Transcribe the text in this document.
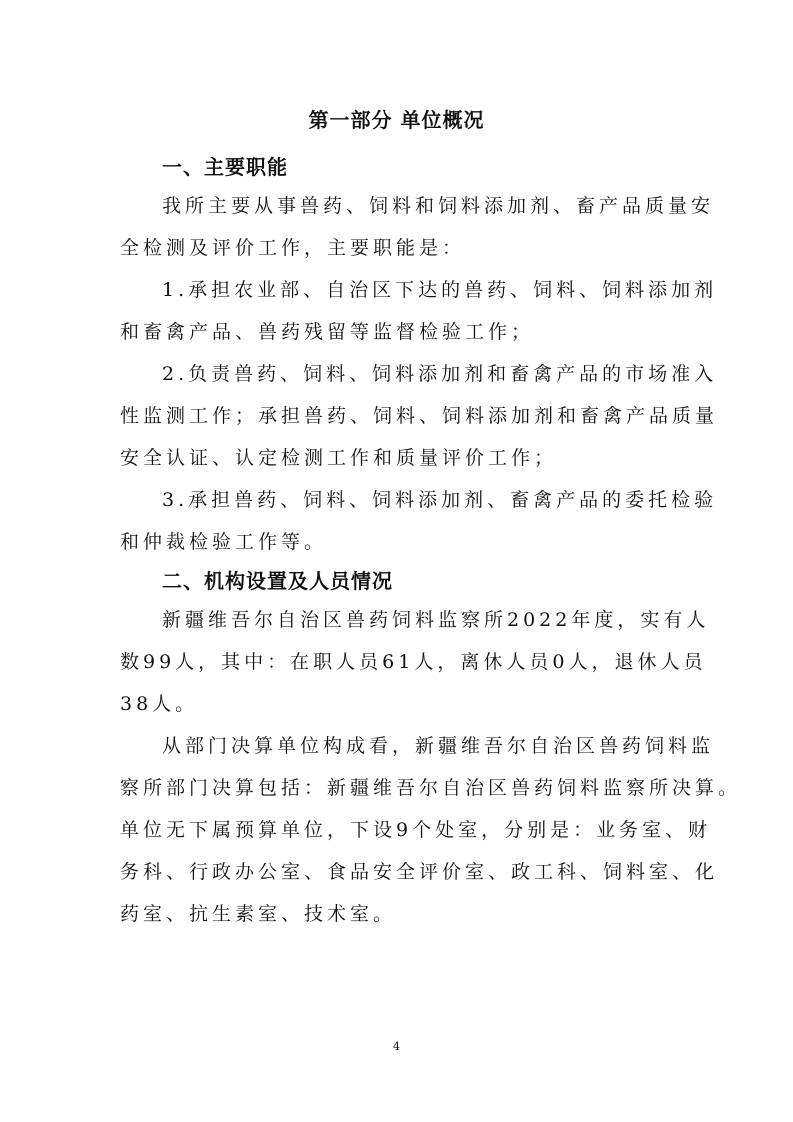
第一部分 单位概况
一、主要职能
我所主要从事兽药、饲料和饲料添加剂、畜产品质量安
全检测及评价工作，主要职能是：
1.承担农业部、自治区下达的兽药、饲料、饲料添加剂
和畜禽产品、兽药残留等监督检验工作；
2.负责兽药、饲料、饲料添加剂和畜禽产品的市场准入
性监测工作；承担兽药、饲料、饲料添加剂和畜禽产品质量
安全认证、认定检测工作和质量评价工作；
3.承担兽药、饲料、饲料添加剂、畜禽产品的委托检验
和仲裁检验工作等。
二、机构设置及人员情况
新疆维吾尔自治区兽药饲料监察所2022年度，实有人
数99人，其中：在职人员61人，离休人员0人，退休人员
38人。
从部门决算单位构成看，新疆维吾尔自治区兽药饲料监
察所部门决算包括：新疆维吾尔自治区兽药饲料监察所决算。
单位无下属预算单位，下设9个处室，分别是：业务室、财
务科、行政办公室、食品安全评价室、政工科、饲料室、化
药室、抗生素室、技术室。
4
